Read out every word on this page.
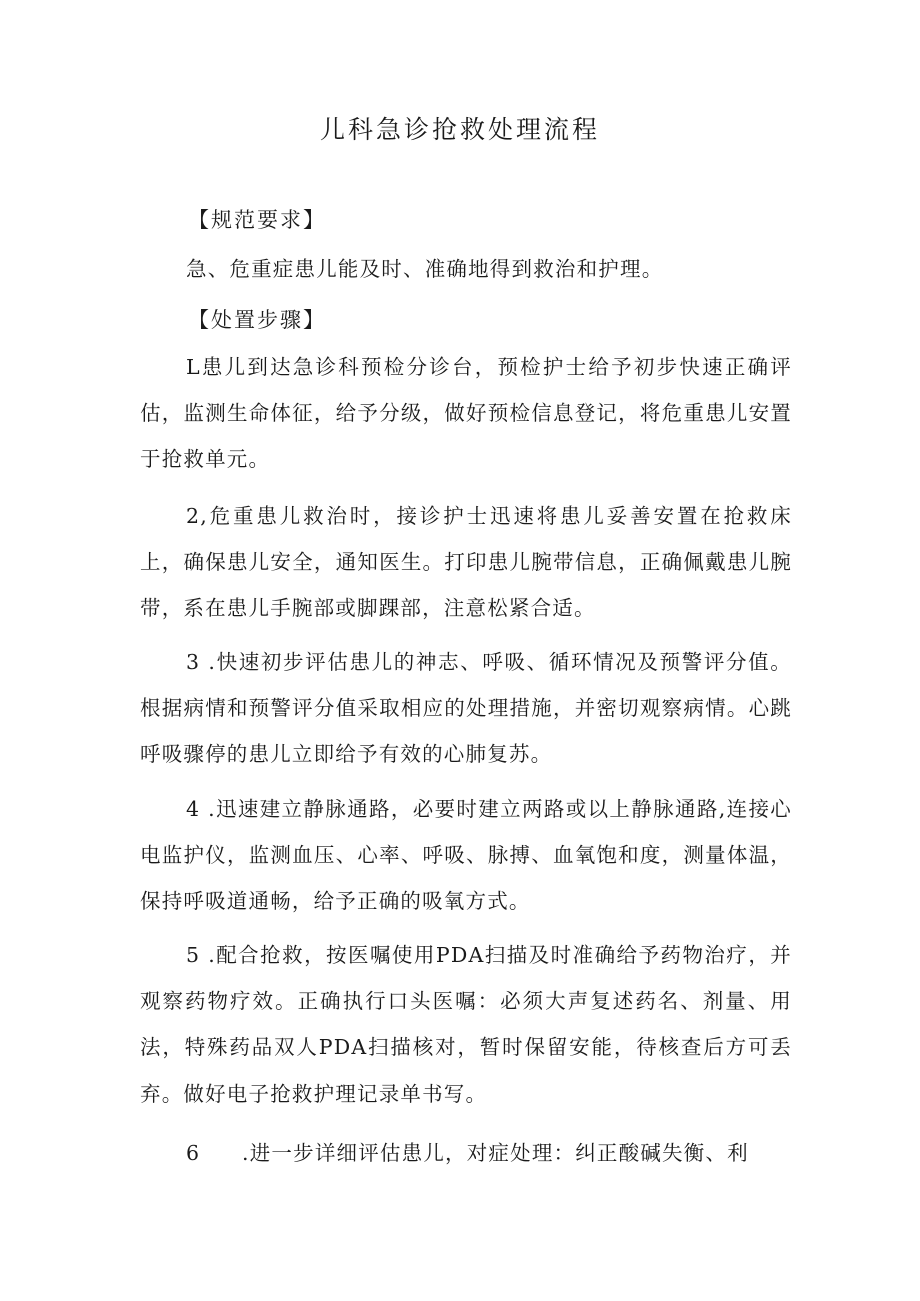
儿科急诊抢救处理流程
【规范要求】
急、危重症患儿能及时、准确地得到救治和护理。
【处置步骤】
L患儿到达急诊科预检分诊台，预检护士给予初步快速正确评估，监测生命体征，给予分级，做好预检信息登记，将危重患儿安置于抢救单元。
2,危重患儿救治时，接诊护士迅速将患儿妥善安置在抢救床上，确保患儿安全，通知医生。打印患儿腕带信息，正确佩戴患儿腕带，系在患儿手腕部或脚踝部，注意松紧合适。
3 .快速初步评估患儿的神志、呼吸、循环情况及预警评分值。根据病情和预警评分值采取相应的处理措施，并密切观察病情。心跳呼吸骤停的患儿立即给予有效的心肺复苏。
4 .迅速建立静脉通路，必要时建立两路或以上静脉通路,连接心电监护仪，监测血压、心率、呼吸、脉搏、血氧饱和度，测量体温，保持呼吸道通畅，给予正确的吸氧方式。
5 .配合抢救，按医嘱使用PDA扫描及时准确给予药物治疗，并观察药物疗效。正确执行口头医嘱：必须大声复述药名、剂量、用法，特殊药品双人PDA扫描核对，暂时保留安能，待核查后方可丢弃。做好电子抢救护理记录单书写。
6 .进一步详细评估患儿，对症处理：纠正酸碱失衡、利
